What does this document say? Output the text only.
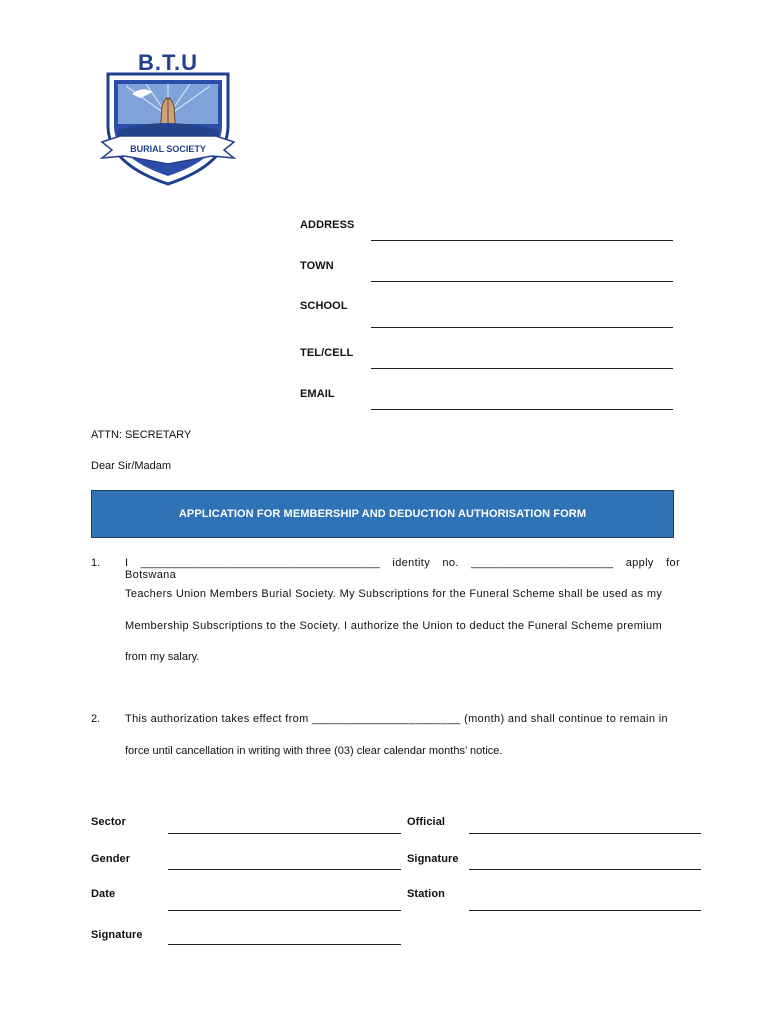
BURIAL SOCIETY
B.T.U
ADDRESS
TOWN
SCHOOL
TEL/CELL
EMAIL
ATTN: SECRETARY
Dear Sir/Madam
APPLICATION FOR MEMBERSHIP AND DEDUCTION AUTHORISATION FORM
1. I _____________________________________ identity no. ______________________ apply for Botswana
Teachers Union Members Burial Society. My Subscriptions for the Funeral Scheme shall be used as my
Membership Subscriptions to the Society. I authorize the Union to deduct the Funeral Scheme premium
from my salary.
2. This authorization takes effect from _______________________ (month) and shall continue to remain in
force until cancellation in writing with three (03) clear calendar months’ notice.
Sector
Gender
Date
Signature
Official
Signature
Station
